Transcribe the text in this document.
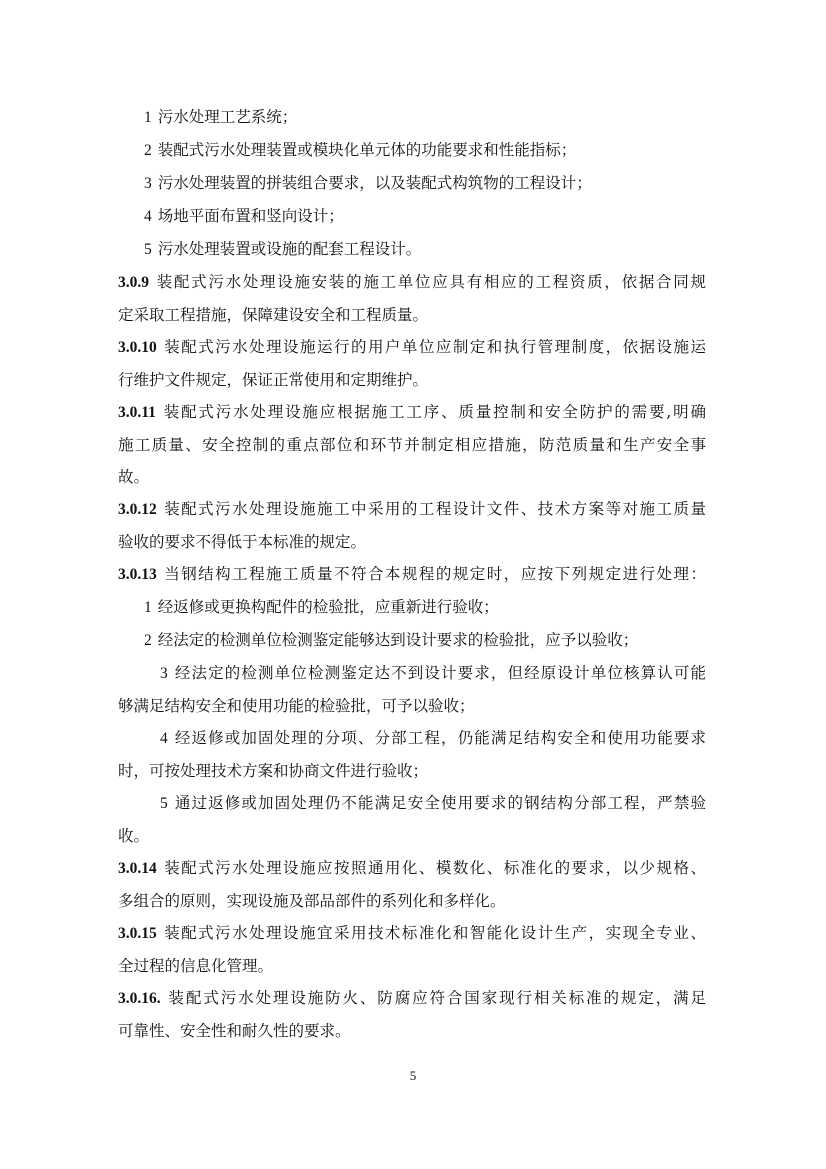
1 污水处理工艺系统；
2 装配式污水处理装置或模块化单元体的功能要求和性能指标；
3 污水处理装置的拼装组合要求，以及装配式构筑物的工程设计；
4 场地平面布置和竖向设计；
5 污水处理装置或设施的配套工程设计。
3.0.9 装配式污水处理设施安装的施工单位应具有相应的工程资质，依据合同规
定采取工程措施，保障建设安全和工程质量。
3.0.10 装配式污水处理设施运行的用户单位应制定和执行管理制度，依据设施运
行维护文件规定，保证正常使用和定期维护。
3.0.11 装配式污水处理设施应根据施工工序、质量控制和安全防护的需要,明确
施工质量、安全控制的重点部位和环节并制定相应措施，防范质量和生产安全事
故。
3.0.12 装配式污水处理设施施工中采用的工程设计文件、技术方案等对施工质量
验收的要求不得低于本标准的规定。
3.0.13 当钢结构工程施工质量不符合本规程的规定时，应按下列规定进行处理：
1 经返修或更换构配件的检验批，应重新进行验收；
2 经法定的检测单位检测鉴定能够达到设计要求的检验批，应予以验收；
3 经法定的检测单位检测鉴定达不到设计要求，但经原设计单位核算认可能
够满足结构安全和使用功能的检验批，可予以验收；
4 经返修或加固处理的分项、分部工程，仍能满足结构安全和使用功能要求
时，可按处理技术方案和协商文件进行验收；
5 通过返修或加固处理仍不能满足安全使用要求的钢结构分部工程，严禁验
收。
3.0.14 装配式污水处理设施应按照通用化、模数化、标准化的要求，以少规格、
多组合的原则，实现设施及部品部件的系列化和多样化。
3.0.15 装配式污水处理设施宜采用技术标准化和智能化设计生产，实现全专业、
全过程的信息化管理。
3.0.16. 装配式污水处理设施防火、防腐应符合国家现行相关标准的规定，满足
可靠性、安全性和耐久性的要求。
5
